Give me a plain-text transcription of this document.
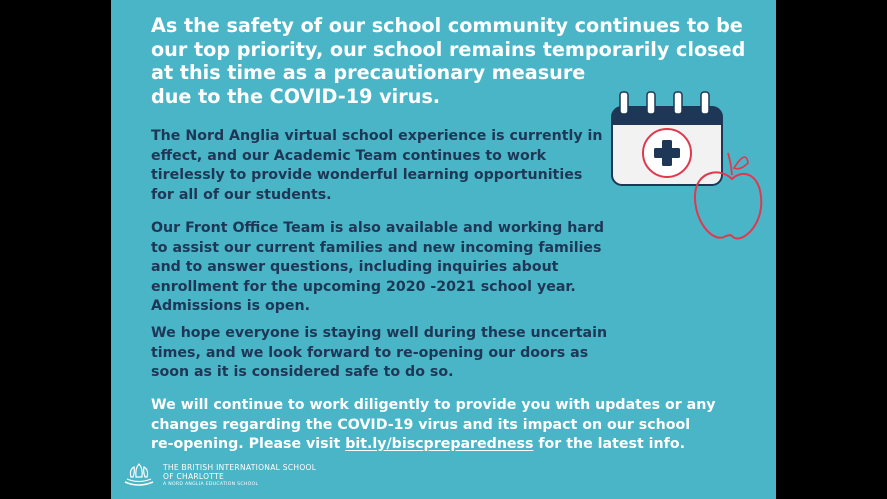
As the safety of our school community continues to be
our top priority, our school remains temporarily closed
at this time as a precautionary measure
due to the COVID-19 virus.
The Nord Anglia virtual school experience is currently in
effect, and our Academic Team continues to work
tirelessly to provide wonderful learning opportunities
for all of our students.
Our Front Office Team is also available and working hard
to assist our current families and new incoming families
and to answer questions, including inquiries about
enrollment for the upcoming 2020 -2021 school year.
Admissions is open.
We hope everyone is staying well during these uncertain
times, and we look forward to re-opening our doors as
soon as it is considered safe to do so.
We will continue to work diligently to provide you with updates or any
changes regarding the COVID-19 virus and its impact on our school
re-opening. Please visit bit.ly/biscpreparedness for the latest info.
THE BRITISH INTERNATIONAL SCHOOL
OF CHARLOTTE
A NORD ANGLIA EDUCATION SCHOOL
